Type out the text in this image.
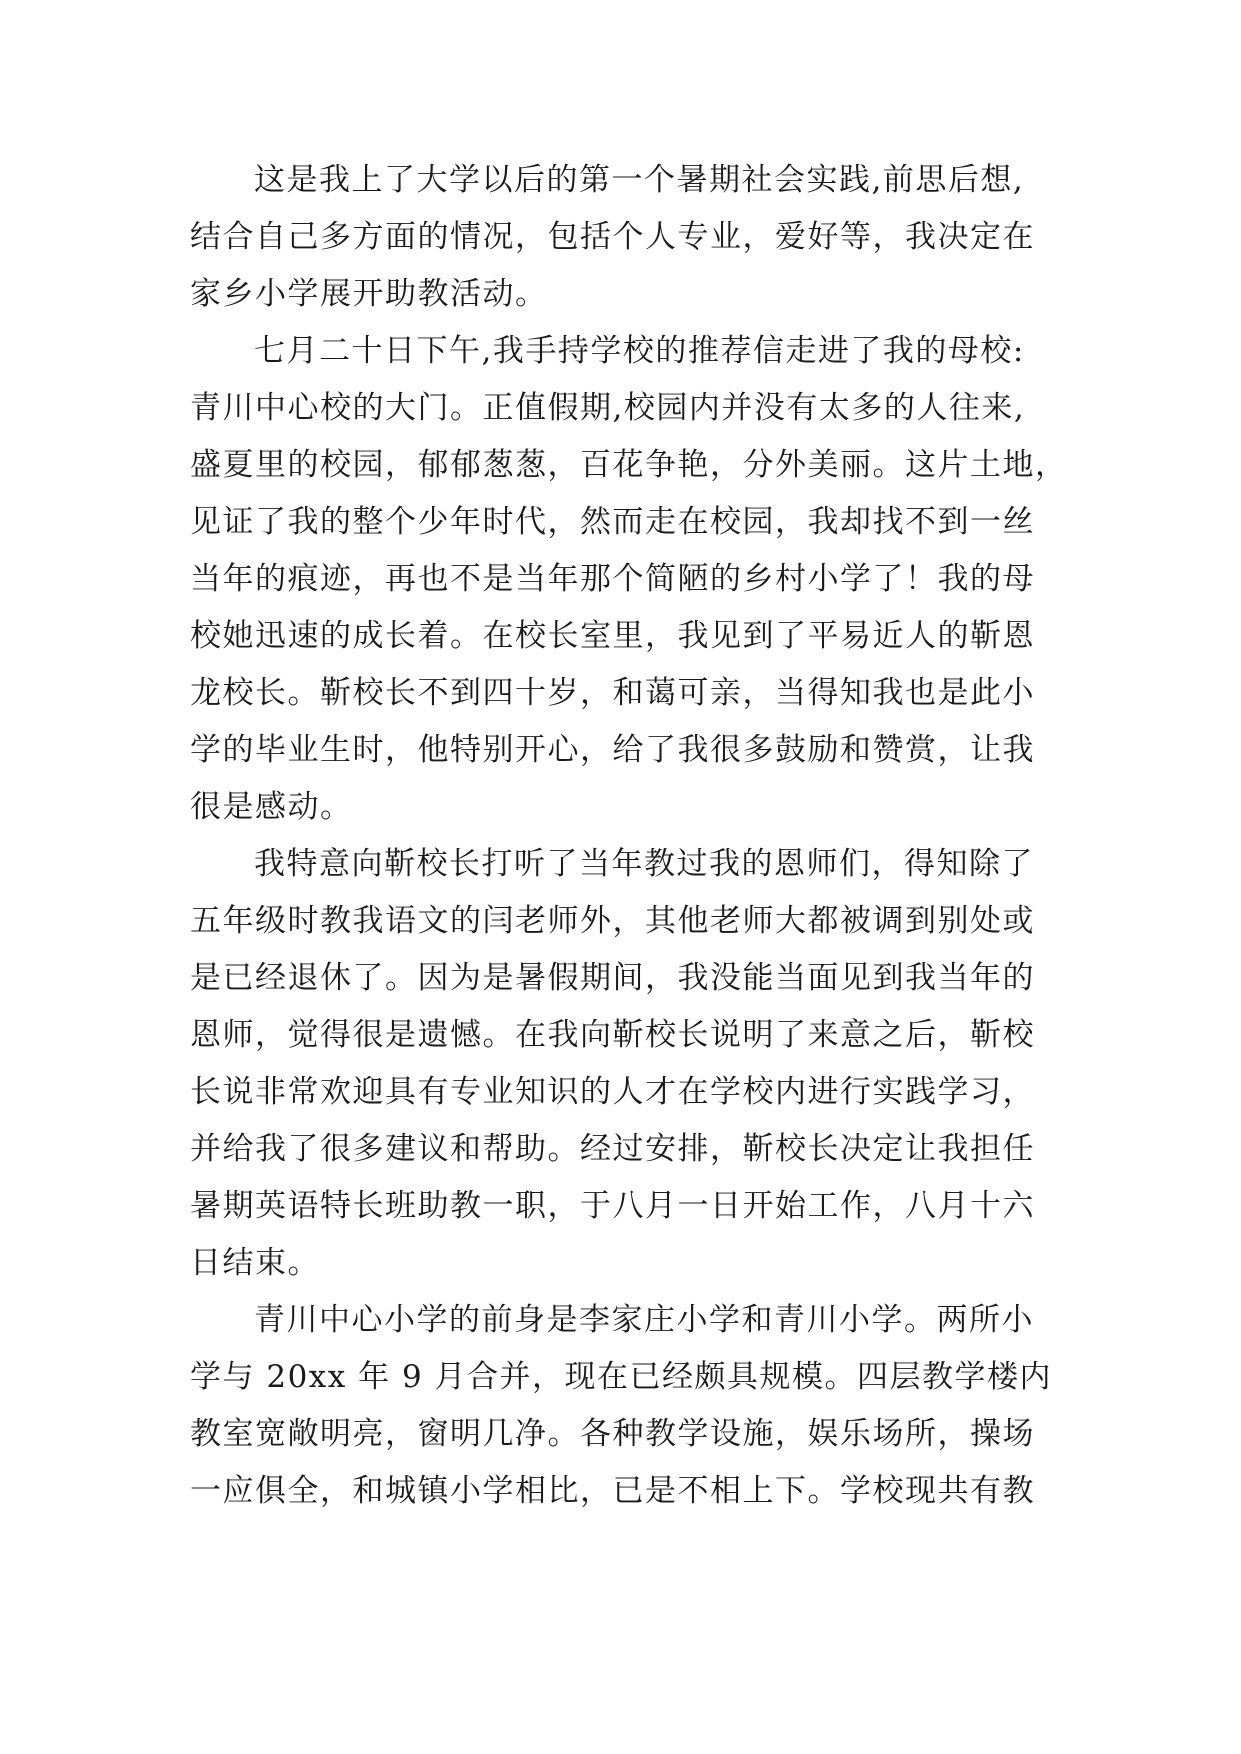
这是我上了大学以后的第一个暑期社会实践,前思后想,
结合自己多方面的情况，包括个人专业，爱好等，我决定在
家乡小学展开助教活动。
七月二十日下午,我手持学校的推荐信走进了我的母校:
青川中心校的大门。正值假期,校园内并没有太多的人往来,
盛夏里的校园，郁郁葱葱，百花争艳，分外美丽。这片土地，
见证了我的整个少年时代，然而走在校园，我却找不到一丝
当年的痕迹，再也不是当年那个简陋的乡村小学了！我的母
校她迅速的成长着。在校长室里，我见到了平易近人的靳恩
龙校长。靳校长不到四十岁，和蔼可亲，当得知我也是此小
学的毕业生时，他特别开心，给了我很多鼓励和赞赏，让我
很是感动。
我特意向靳校长打听了当年教过我的恩师们，得知除了
五年级时教我语文的闫老师外，其他老师大都被调到别处或
是已经退休了。因为是暑假期间，我没能当面见到我当年的
恩师，觉得很是遗憾。在我向靳校长说明了来意之后，靳校
长说非常欢迎具有专业知识的人才在学校内进行实践学习，
并给我了很多建议和帮助。经过安排，靳校长决定让我担任
暑期英语特长班助教一职，于八月一日开始工作，八月十六
日结束。
青川中心小学的前身是李家庄小学和青川小学。两所小
学与 20xx 年 9 月合并，现在已经颇具规模。四层教学楼内
教室宽敞明亮，窗明几净。各种教学设施，娱乐场所，操场
一应俱全，和城镇小学相比，已是不相上下。学校现共有教
